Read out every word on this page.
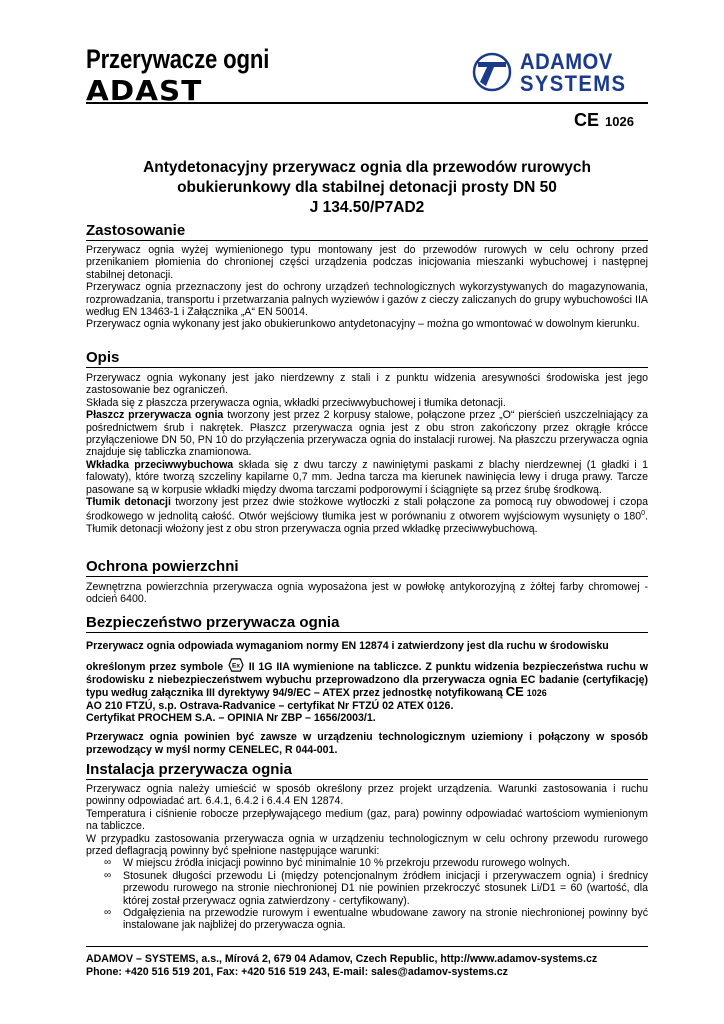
Przerywacze ogni
ADAST
ADAMOV
SYSTEMS
CE 1026
Antydetonacyjny przerywacz ognia dla przewodów rurowych
obukierunkowy dla stabilnej detonacji prosty DN 50
J 134.50/P7AD2
Zastosowanie

Przerywacz ognia wyżej wymienionego typu montowany jest do przewodów rurowych w celu ochrony przed przenikaniem płomienia do chronionej części urządzenia podczas inicjowania mieszanki wybuchowej i następnej stabilnej detonacji.

Przerywacz ognia przeznaczony jest do ochrony urządzeń technologicznych wykorzystywanych do magazynowania, rozprowadzania, transportu i przetwarzania palnych wyziewów i gazów z cieczy zaliczanych do grupy wybuchowości IIA według EN 13463-1 i Załącznika „A“ EN 50014.

Przerywacz ognia wykonany jest jako obukierunkowo antydetonacyjny – można go wmontować w dowolnym kierunku.

Opis

Przerywacz ognia wykonany jest jako nierdzewny z stali i z punktu widzenia aresywności środowiska jest jego zastosowanie bez ograniczeń.

Składa się z płaszcza przerywacza ognia, wkładki przeciwwybuchowej i tłumika detonacji.

Płaszcz przerywacza ognia tworzony jest przez 2 korpusy stalowe, połączone przez „O“ pierścień uszczelniający za pośrednictwem śrub i nakrętek. Płaszcz przerywacza ognia jest z obu stron zakończony przez okrągłe krócce przyłączeniowe DN 50, PN 10 do przyłączenia przerywacza ognia do instalacji rurowej. Na płaszczu przerywacza ognia znajduje się tabliczka znamionowa.

Wkładka przeciwwybuchowa składa się z dwu tarczy z nawiniętymi paskami z blachy nierdzewnej (1 gładki i 1 falowaty), które tworzą szczeliny kapilarne 0,7 mm. Jedna tarcza ma kierunek nawinięcia lewy i druga prawy. Tarcze pasowane są w korpusie wkładki między dwoma tarczami podporowymi i ściągnięte są przez śrubę środkową.

Tłumik detonacji tworzony jest przez dwie stożkowe wytłoczki z stali połączone za pomocą ruy obwodowej i czopa środkowego w jednolitą całość. Otwór wejściowy tłumika jest w porównaniu z otworem wyjściowym wysunięty o $180^0$. Tłumik detonacji włożony jest z obu stron przerywacza ognia przed wkładkę przeciwwybuchową.

Ochrona powierzchni

Zewnętrzna powierzchnia przerywacza ognia wyposażona jest w powłokę antykorozyjną z żółtej farby chromowej - odcień 6400.

Bezpieczeństwo przerywacza ognia

Przerywacz ognia odpowiada wymaganiom normy EN 12874 i zatwierdzony jest dla ruchu w środowisku

określonym przez symbole Ex II 1G IIA wymienione na tabliczce. Z punktu widzenia bezpieczeństwa ruchu w środowisku z niebezpieczeństwem wybuchu przeprowadzono dla przerywacza ognia EC badanie (certyfikację) typu według załącznika III dyrektywy 94/9/EC – ATEX przez jednostkę notyfikowaną CE 1026

AO 210 FTZÚ, s.p. Ostrava-Radvanice – certyfikat Nr FTZÚ 02 ATEX 0126.

Certyfikat PROCHEM S.A. – OPINIA Nr ZBP – 1656/2003/1.

Przerywacz ognia powinien być zawsze w urządzeniu technologicznym uziemiony i połączony w sposób przewodzący w myśl normy CENELEC, R 044-001.

Instalacja przerywacza ognia

Przerywacz ognia należy umieścić w sposób określony przez projekt urządzenia. Warunki zastosowania i ruchu powinny odpowiadać art. 6.4.1, 6.4.2 i 6.4.4 EN 12874.

Temperatura i ciśnienie robocze przepływającego medium (gaz, para) powinny odpowiadać wartościom wymienionym na tabliczce.

W przypadku zastosowania przerywacza ognia w urządzeniu technologicznym w celu ochrony przewodu rurowego przed deflagracją powinny być spełnione następujące warunki:

∞ W miejscu źródła inicjacji powinno być minimalnie 10 % przekroju przewodu rurowego wolnych.
∞ Stosunek długości przewodu Li (między potencjonalnym źródłem inicjacji i przerywaczem ognia) i średnicy przewodu rurowego na stronie niechronionej D1 nie powinien przekroczyć stosunek Li/D1 = 60 (wartość, dla której został przerywacz ognia zatwierdzony - certyfikowany).
∞ Odgałęzienia na przewodzie rurowym i ewentualne wbudowane zawory na stronie niechronionej powinny być instalowane jak najbliżej do przerywacza ognia.
ADAMOV – SYSTEMS, a.s., Mírová 2, 679 04 Adamov, Czech Republic, http://www.adamov-systems.cz
Phone: +420 516 519 201, Fax: +420 516 519 243, E-mail: sales@adamov-systems.cz
